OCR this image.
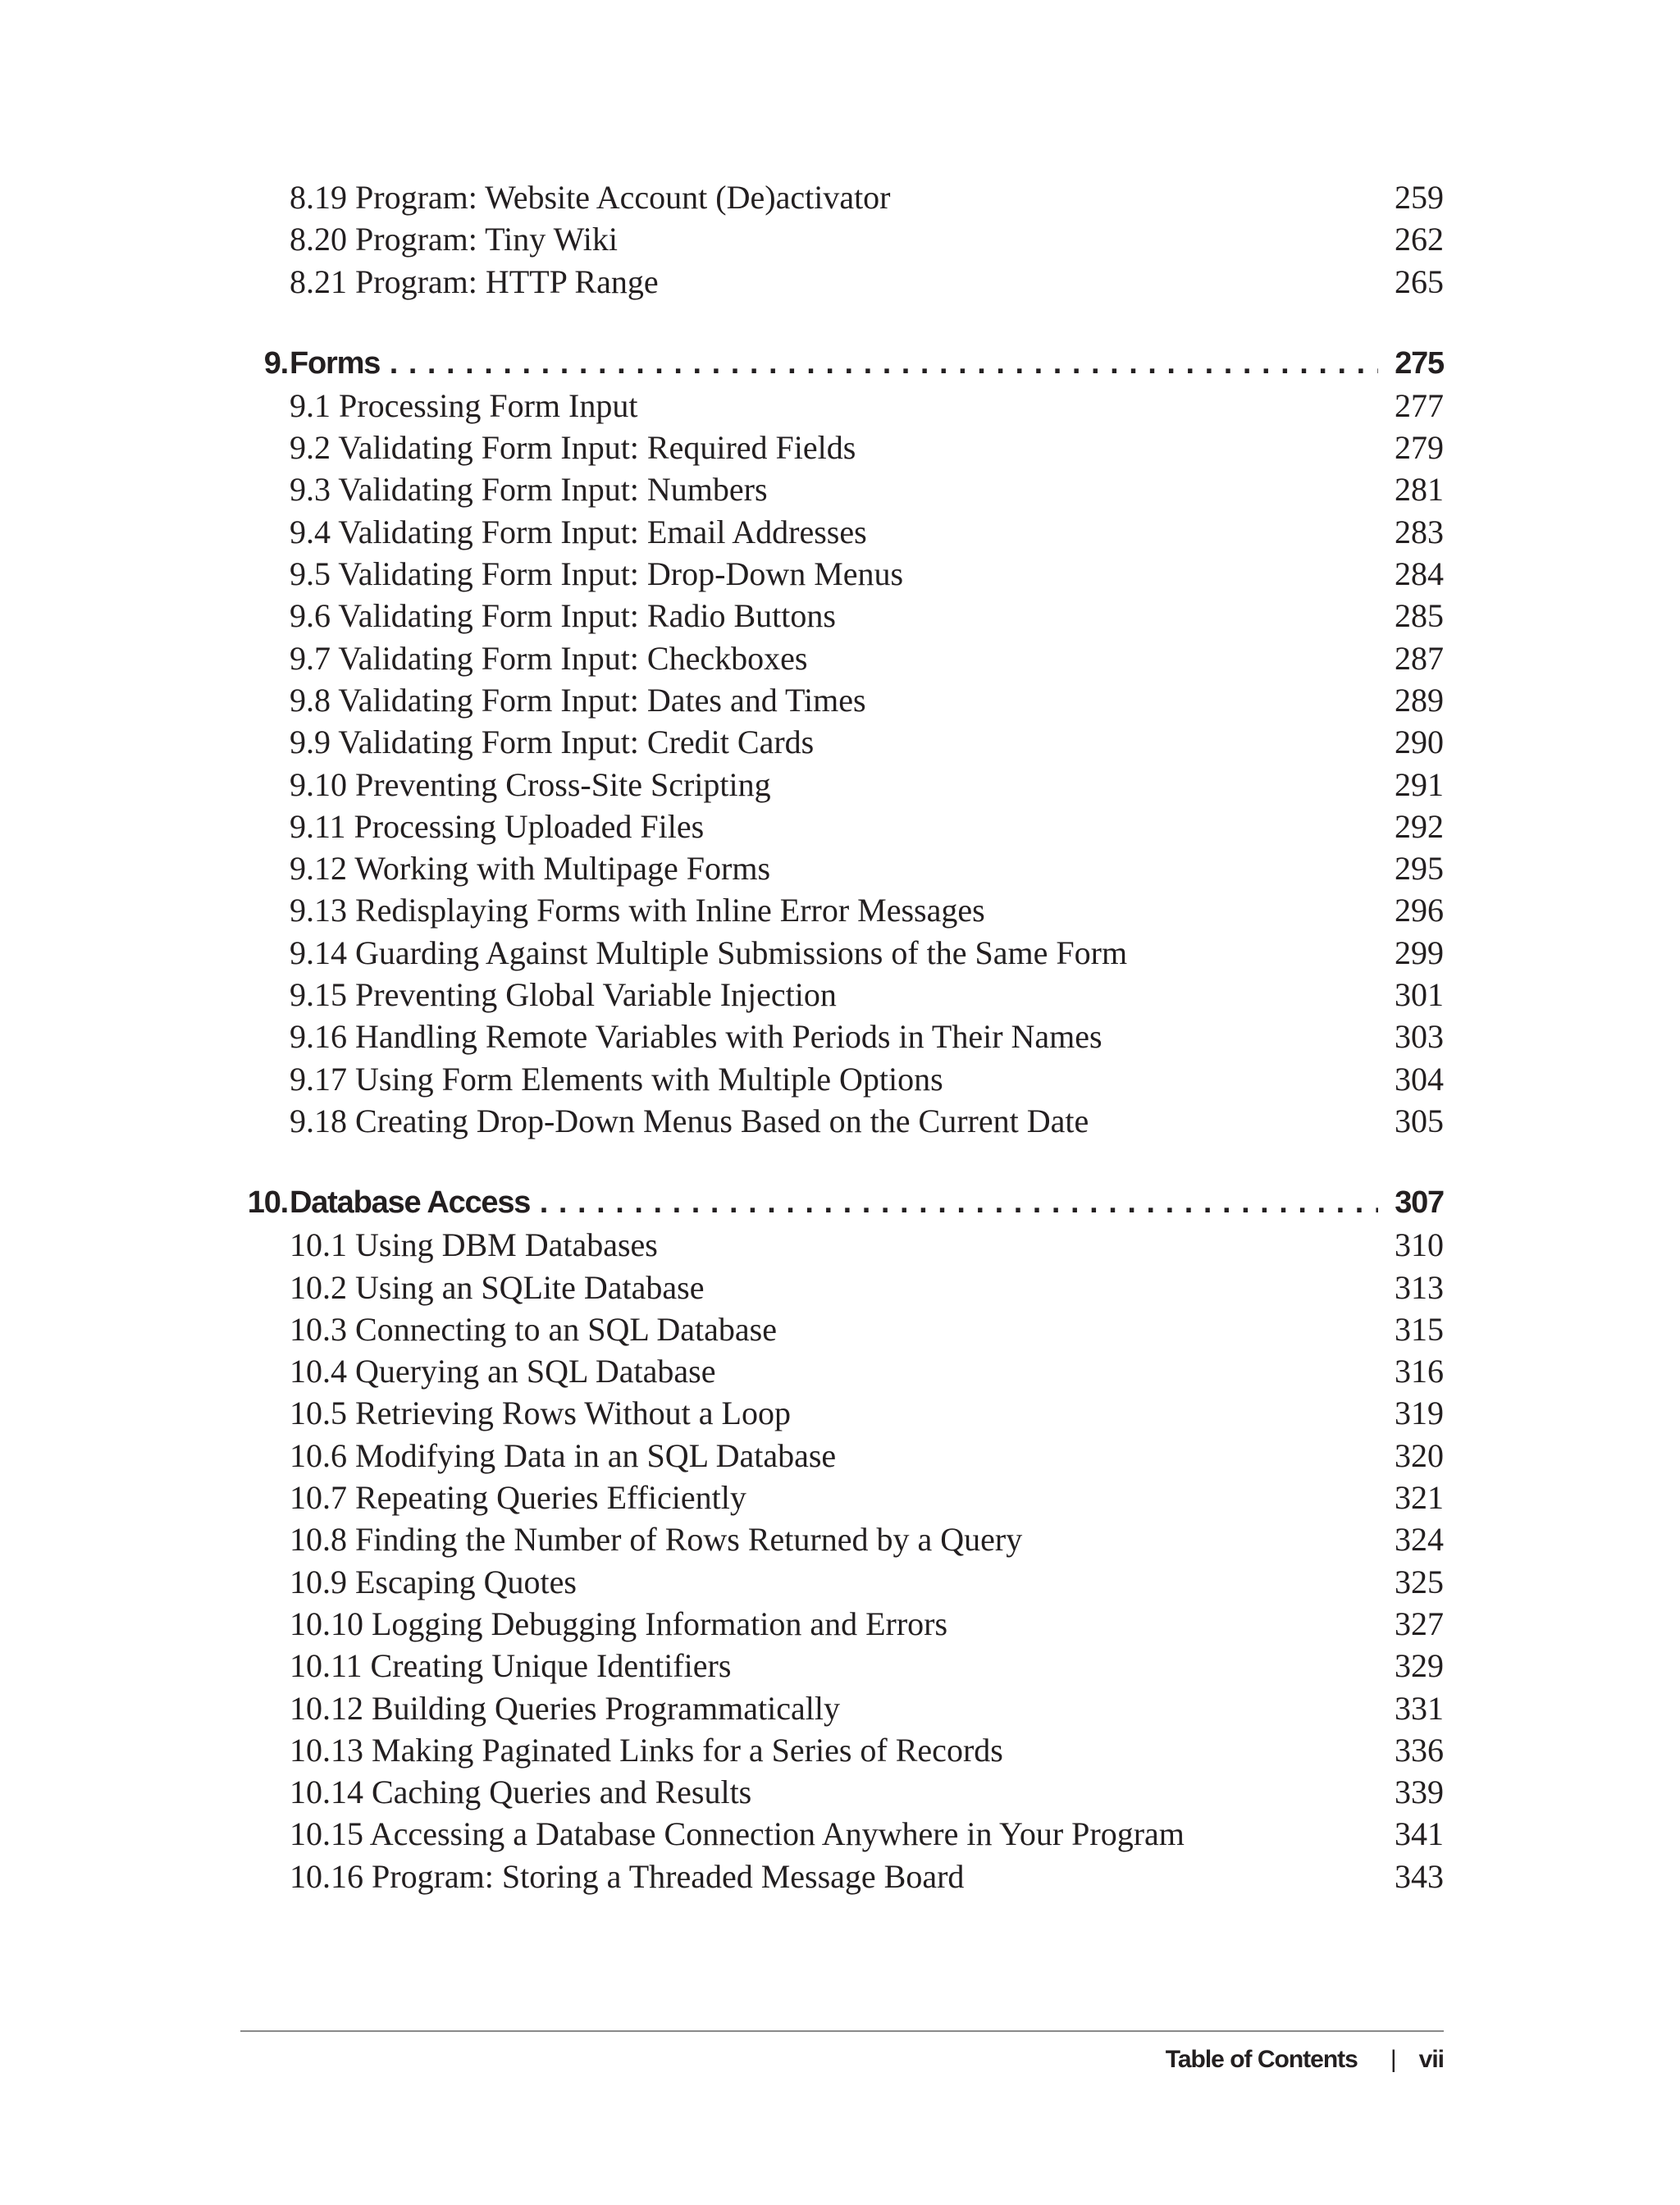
8.19 Program: Website Account (De)activator	259
8.20 Program: Tiny Wiki	262
8.21 Program: HTTP Range	265
9. Forms . . .	275
9.1 Processing Form Input	277
9.2 Validating Form Input: Required Fields	279
9.3 Validating Form Input: Numbers	281
9.4 Validating Form Input: Email Addresses	283
9.5 Validating Form Input: Drop-Down Menus	284
9.6 Validating Form Input: Radio Buttons	285
9.7 Validating Form Input: Checkboxes	287
9.8 Validating Form Input: Dates and Times	289
9.9 Validating Form Input: Credit Cards	290
9.10 Preventing Cross-Site Scripting	291
9.11 Processing Uploaded Files	292
9.12 Working with Multipage Forms	295
9.13 Redisplaying Forms with Inline Error Messages	296
9.14 Guarding Against Multiple Submissions of the Same Form	299
9.15 Preventing Global Variable Injection	301
9.16 Handling Remote Variables with Periods in Their Names	303
9.17 Using Form Elements with Multiple Options	304
9.18 Creating Drop-Down Menus Based on the Current Date	305
10. Database Access . . .	307
10.1 Using DBM Databases	310
10.2 Using an SQLite Database	313
10.3 Connecting to an SQL Database	315
10.4 Querying an SQL Database	316
10.5 Retrieving Rows Without a Loop	319
10.6 Modifying Data in an SQL Database	320
10.7 Repeating Queries Efficiently	321
10.8 Finding the Number of Rows Returned by a Query	324
10.9 Escaping Quotes	325
10.10 Logging Debugging Information and Errors	327
10.11 Creating Unique Identifiers	329
10.12 Building Queries Programmatically	331
10.13 Making Paginated Links for a Series of Records	336
10.14 Caching Queries and Results	339
10.15 Accessing a Database Connection Anywhere in Your Program	341
10.16 Program: Storing a Threaded Message Board	343
Table of Contents | vii
